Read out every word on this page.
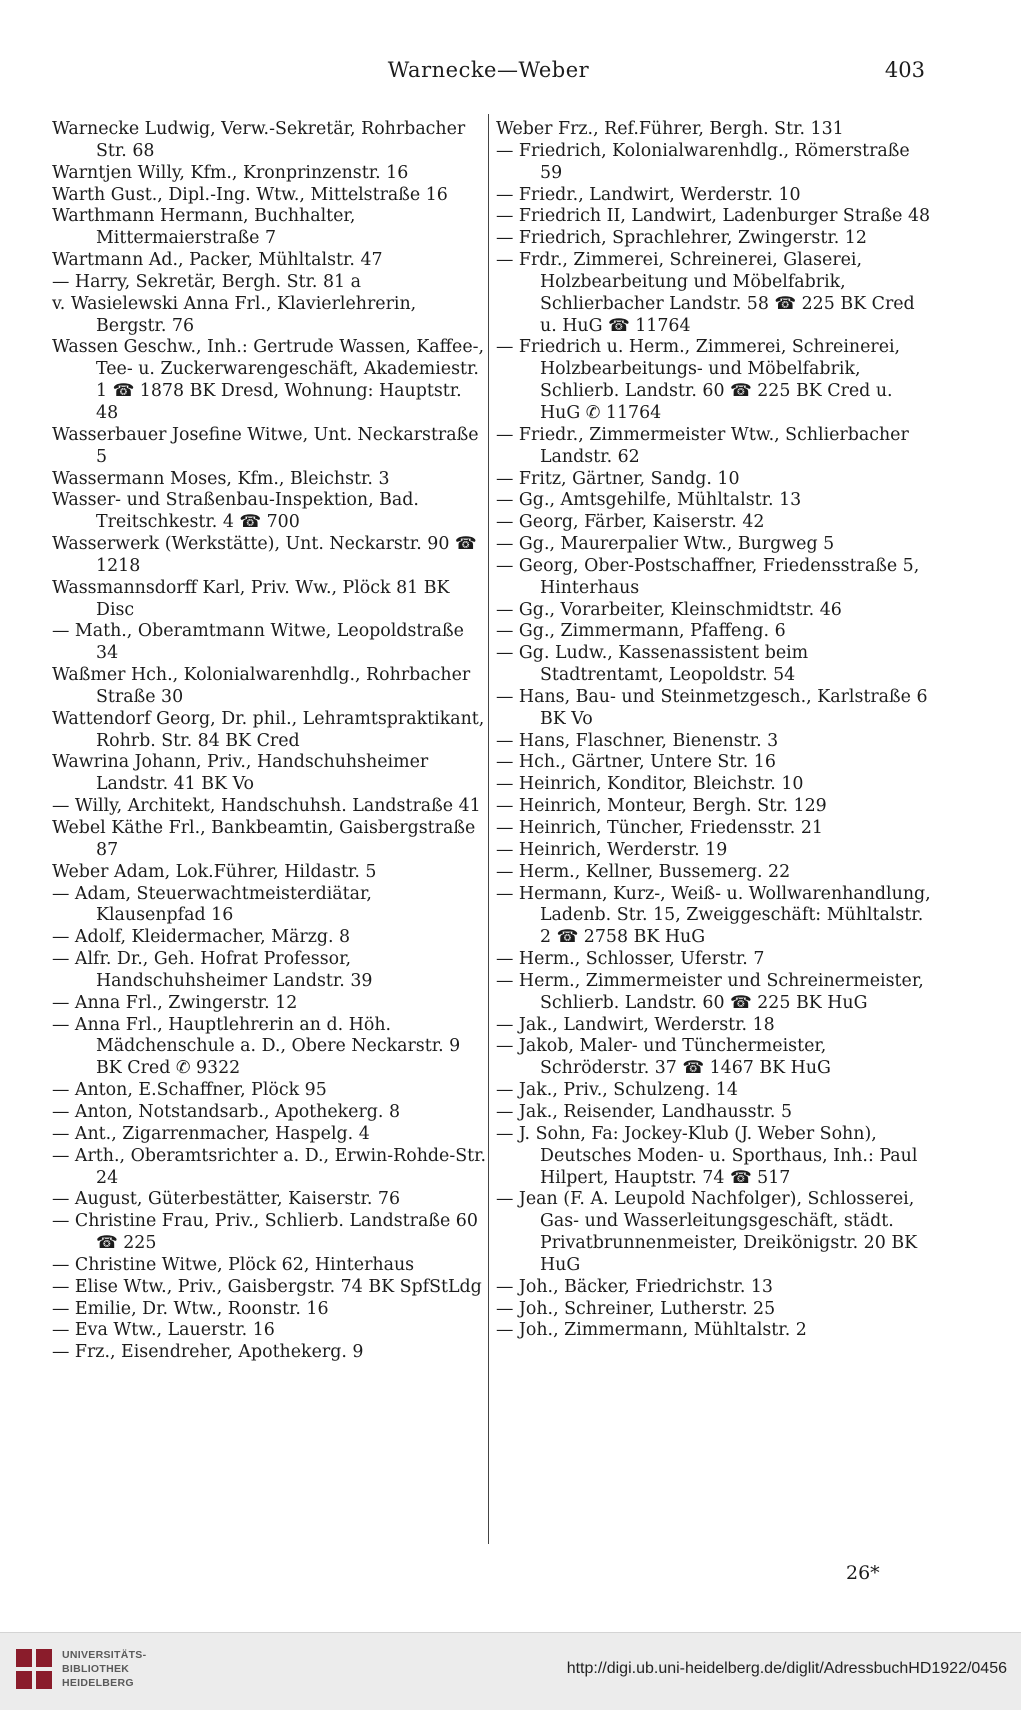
Warnecke—Weber	403
Warnecke Ludwig, Verw.-Sekretär, Rohrbacher Str. 68
Warntjen Willy, Kfm., Kronprinzenstr. 16
Warth Gust., Dipl.-Ing. Wtw., Mittelstraße 16
Warthmann Hermann, Buchhalter, Mittermaierstraße 7
Wartmann Ad., Packer, Mühltalstr. 47
— Harry, Sekretär, Bergh. Str. 81 a
v. Wasielewski Anna Frl., Klavierlehrerin, Bergstr. 76
Wassen Geschw., Inh.: Gertrude Wassen, Kaffee-, Tee- u. Zuckerwarengeschäft, Akademiestr. 1 ☎ 1878 BK Dresd, Wohnung: Hauptstr. 48
Wasserbauer Josefine Witwe, Unt. Neckarstraße 5
Wassermann Moses, Kfm., Bleichstr. 3
Wasser- und Straßenbau-Inspektion, Bad. Treitschkestr. 4 ☎ 700
Wasserwerk (Werkstätte), Unt. Neckarstr. 90 ☎ 1218
Wassmannsdorff Karl, Priv. Ww., Plöck 81 BK Disc
— Math., Oberamtmann Witwe, Leopoldstraße 34
Waßmer Hch., Kolonialwarenhdlg., Rohrbacher Straße 30
Wattendorf Georg, Dr. phil., Lehramtspraktikant, Rohrb. Str. 84 BK Cred
Wawrina Johann, Priv., Handschuhsheimer Landstr. 41 BK Vo
— Willy, Architekt, Handschuhsh. Landstraße 41
Webel Käthe Frl., Bankbeamtin, Gaisbergstraße 87
Weber Adam, Lok.Führer, Hildastr. 5
— Adam, Steuerwachtmeisterdiätar, Klausenpfad 16
— Adolf, Kleidermacher, Märzg. 8
— Alfr. Dr., Geh. Hofrat Professor, Handschuhsheimer Landstr. 39
— Anna Frl., Zwingerstr. 12
— Anna Frl., Hauptlehrerin an d. Höh. Mädchenschule a. D., Obere Neckarstr. 9 BK Cred ✆ 9322
— Anton, E.Schaffner, Plöck 95
— Anton, Notstandsarb., Apothekerg. 8
— Ant., Zigarrenmacher, Haspelg. 4
— Arth., Oberamtsrichter a. D., Erwin-Rohde-Str. 24
— August, Güterbestätter, Kaiserstr. 76
— Christine Frau, Priv., Schlierb. Landstraße 60 ☎ 225
— Christine Witwe, Plöck 62, Hinterhaus
— Elise Wtw., Priv., Gaisbergstr. 74 BK SpfStLdg
— Emilie, Dr. Wtw., Roonstr. 16
— Eva Wtw., Lauerstr. 16
— Frz., Eisendreher, Apothekerg. 9
Weber Frz., Ref.Führer, Bergh. Str. 131
— Friedrich, Kolonialwarenhdlg., Römerstraße 59
— Friedr., Landwirt, Werderstr. 10
— Friedrich II, Landwirt, Ladenburger Straße 48
— Friedrich, Sprachlehrer, Zwingerstr. 12
— Frdr., Zimmerei, Schreinerei, Glaserei, Holzbearbeitung und Möbelfabrik, Schlierbacher Landstr. 58 ☎ 225 BK Cred u. HuG ☎ 11764
— Friedrich u. Herm., Zimmerei, Schreinerei, Holzbearbeitungs- und Möbelfabrik, Schlierb. Landstr. 60 ☎ 225 BK Cred u. HuG ✆ 11764
— Friedr., Zimmermeister Wtw., Schlierbacher Landstr. 62
— Fritz, Gärtner, Sandg. 10
— Gg., Amtsgehilfe, Mühltalstr. 13
— Georg, Färber, Kaiserstr. 42
— Gg., Maurerpalier Wtw., Burgweg 5
— Georg, Ober-Postschaffner, Friedensstraße 5, Hinterhaus
— Gg., Vorarbeiter, Kleinschmidtstr. 46
— Gg., Zimmermann, Pfaffeng. 6
— Gg. Ludw., Kassenassistent beim Stadtrentamt, Leopoldstr. 54
— Hans, Bau- und Steinmetzgesch., Karlstraße 6 BK Vo
— Hans, Flaschner, Bienenstr. 3
— Hch., Gärtner, Untere Str. 16
— Heinrich, Konditor, Bleichstr. 10
— Heinrich, Monteur, Bergh. Str. 129
— Heinrich, Tüncher, Friedensstr. 21
— Heinrich, Werderstr. 19
— Herm., Kellner, Bussemerg. 22
— Hermann, Kurz-, Weiß- u. Wollwarenhandlung, Ladenb. Str. 15, Zweiggeschäft: Mühltalstr. 2 ☎ 2758 BK HuG
— Herm., Schlosser, Uferstr. 7
— Herm., Zimmermeister und Schreinermeister, Schlierb. Landstr. 60 ☎ 225 BK HuG
— Jak., Landwirt, Werderstr. 18
— Jakob, Maler- und Tünchermeister, Schröderstr. 37 ☎ 1467 BK HuG
— Jak., Priv., Schulzeng. 14
— Jak., Reisender, Landhausstr. 5
— J. Sohn, Fa: Jockey-Klub (J. Weber Sohn), Deutsches Moden- u. Sporthaus, Inh.: Paul Hilpert, Hauptstr. 74 ☎ 517
— Jean (F. A. Leupold Nachfolger), Schlosserei, Gas- und Wasserleitungsgeschäft, städt. Privatbrunnenmeister, Dreikönigstr. 20 BK HuG
— Joh., Bäcker, Friedrichstr. 13
— Joh., Schreiner, Lutherstr. 25
— Joh., Zimmermann, Mühltalstr. 2
26*
UNIVERSITÄTS-
BIBLIOTHEK
HEIDELBERG
http://digi.ub.uni-heidelberg.de/diglit/AdressbuchHD1922/0456
